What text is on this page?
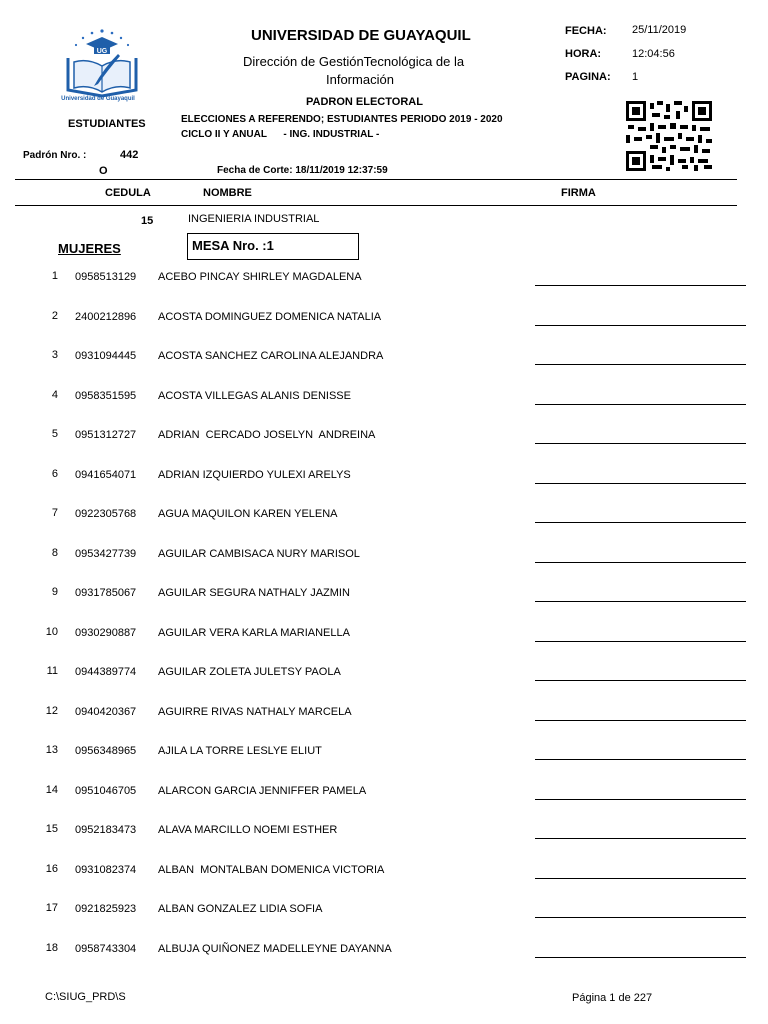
UG
Universidad de Guayaquil
UNIVERSIDAD DE GUAYAQUIL
Dirección de GestiónTecnológica de la
Información
PADRON ELECTORAL
ELECCIONES A REFERENDO; ESTUDIANTES PERIODO 2019 - 2020
CICLO II Y ANUAL      - ING. INDUSTRIAL -
ESTUDIANTES
FECHA: 25/11/2019
HORA:	12:04:56
PAGINA: 1
Padrón Nro. :	442
O	Fecha de Corte: 18/11/2019 12:37:59
CEDULA	NOMBRE	FIRMA
15	INGENIERIA INDUSTRIAL
MUJERES	MESA Nro. :1
1 0958513129 ACEBO PINCAY SHIRLEY MAGDALENA
2 2400212896 ACOSTA DOMINGUEZ DOMENICA NATALIA
3 0931094445 ACOSTA SANCHEZ CAROLINA ALEJANDRA
4 0958351595 ACOSTA VILLEGAS ALANIS DENISSE
5 0951312727 ADRIAN  CERCADO JOSELYN  ANDREINA
6 0941654071 ADRIAN IZQUIERDO YULEXI ARELYS
7 0922305768 AGUA MAQUILON KAREN YELENA
8 0953427739 AGUILAR CAMBISACA NURY MARISOL
9 0931785067 AGUILAR SEGURA NATHALY JAZMIN
10 0930290887 AGUILAR VERA KARLA MARIANELLA
11 0944389774 AGUILAR ZOLETA JULETSY PAOLA
12 0940420367 AGUIRRE RIVAS NATHALY MARCELA
13 0956348965 AJILA LA TORRE LESLYE ELIUT
14 0951046705 ALARCON GARCIA JENNIFFER PAMELA
15 0952183473 ALAVA MARCILLO NOEMI ESTHER
16 0931082374 ALBAN  MONTALBAN DOMENICA VICTORIA
17 0921825923 ALBAN GONZALEZ LIDIA SOFIA
18 0958743304 ALBUJA QUIÑONEZ MADELLEYNE DAYANNA
C:\SIUG_PRD\S	Página 1 de 227
